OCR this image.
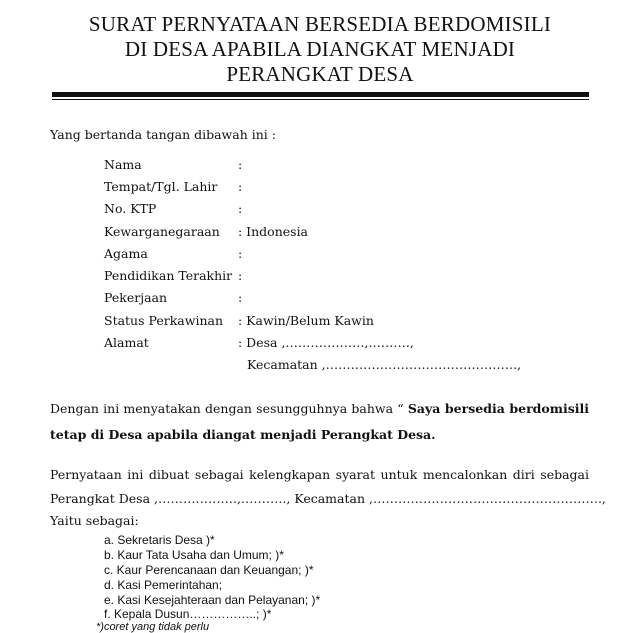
SURAT PERNYATAAN BERSEDIA BERDOMISILI
DI DESA APABILA DIANGKAT MENJADI
PERANGKAT DESA
Yang bertanda tangan dibawah ini :
Nama	:
Tempat/Tgl. Lahir :
No. KTP	:
Kewarganegaraan : Indonesia
Agama	:
Pendidikan Terakhir :
Pekerjaan	:
Status Perkawinan : Kawin/Belum Kawin
Alamat	: Desa ,……………….,……….,
Kecamatan ,……………………………………….,
Dengan ini menyatakan dengan sesungguhnya bahwa “ Saya bersedia berdomisili
tetap di Desa apabila diangat menjadi Perangkat Desa.
Pernyataan ini dibuat sebagai kelengkapan syarat untuk mencalonkan diri sebagai
Perangkat Desa ,……………….,……….., Kecamatan ,……………………………………………….,
Yaitu sebagai:
a. Sekretaris Desa )*
b. Kaur Tata Usaha dan Umum; )*
c. Kaur Perencanaan dan Keuangan; )*
d. Kasi Pemerintahan;
e. Kasi Kesejahteraan dan Pelayanan; )*
f. Kepala Dusun……………..; )*
*)coret yang tidak perlu
